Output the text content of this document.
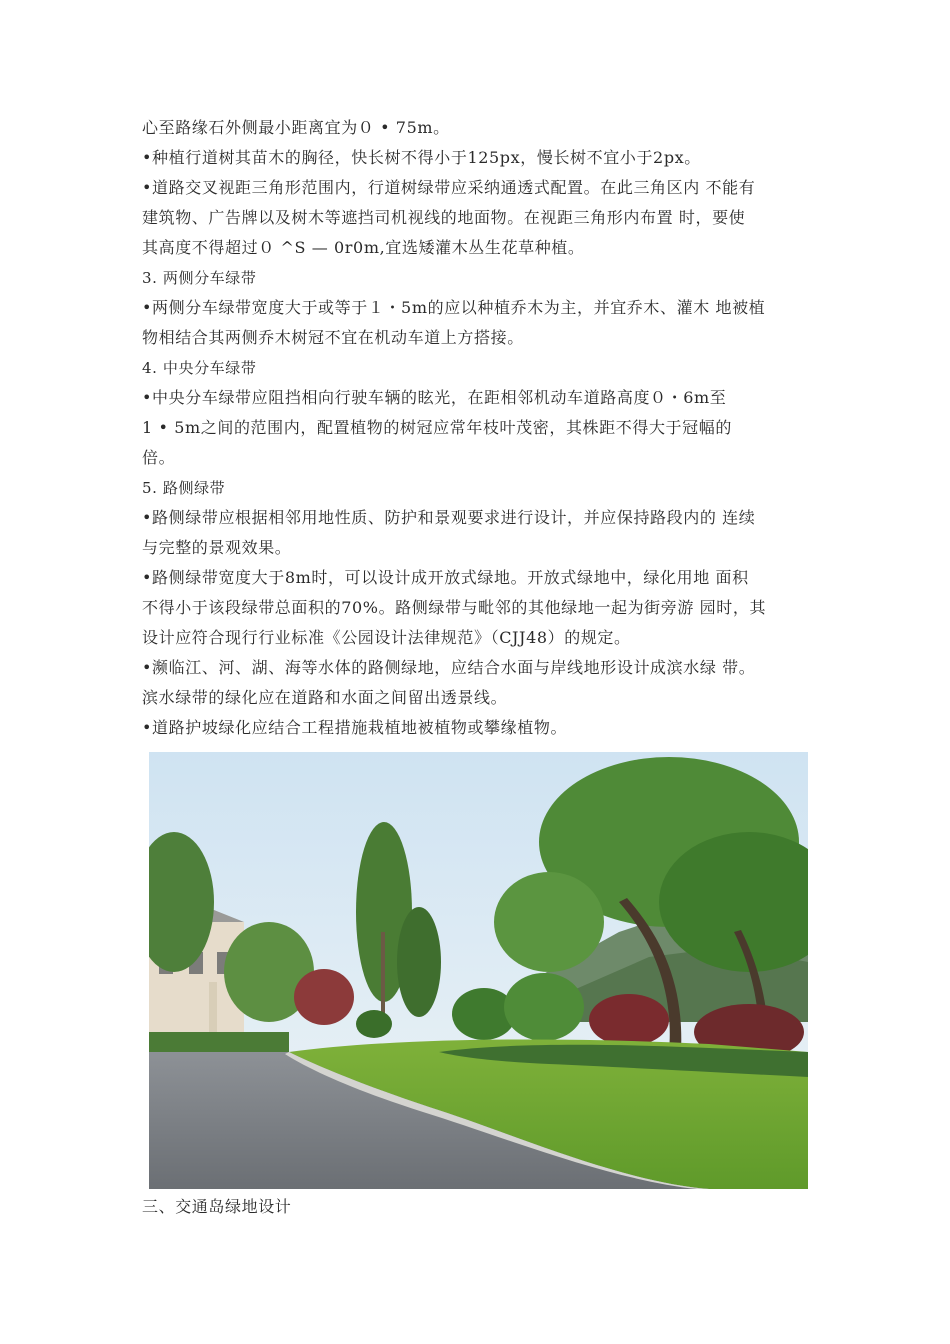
心至路缘石外侧最小距离宜为０ • 75m。
•种植行道树其苗木的胸径，快长树不得小于125px，慢长树不宜小于2px。
•道路交叉视距三角形范围内，行道树绿带应采纳通透式配置。在此三角区内 不能有
建筑物、广告牌以及树木等遮挡司机视线的地面物。在视距三角形内布置 时，要使
其高度不得超过０ ^S — 0r0m,宜选矮灌木丛生花草种植。
3. 两侧分车绿带
•两侧分车绿带宽度大于或等于１・5m的应以种植乔木为主，并宜乔木、灌木 地被植
物相结合其两侧乔木树冠不宜在机动车道上方搭接。
4. 中央分车绿带
•中央分车绿带应阻挡相向行驶车辆的眩光，在距相邻机动车道路高度０・6m至
1 • 5m之间的范围内，配置植物的树冠应常年枝叶茂密，其株距不得大于冠幅的
倍。
5. 路侧绿带
•路侧绿带应根据相邻用地性质、防护和景观要求进行设计，并应保持路段内的 连续
与完整的景观效果。
•路侧绿带宽度大于8m时，可以设计成开放式绿地。开放式绿地中，绿化用地 面积
不得小于该段绿带总面积的70%。路侧绿带与毗邻的其他绿地一起为街旁游 园时，其
设计应符合现行行业标准《公园设计法律规范》（CJJ48）的规定。
•濒临江、河、湖、海等水体的路侧绿地，应结合水面与岸线地形设计成滨水绿 带。
滨水绿带的绿化应在道路和水面之间留出透景线。
•道路护坡绿化应结合工程措施栽植地被植物或攀缘植物。
三、交通岛绿地设计
